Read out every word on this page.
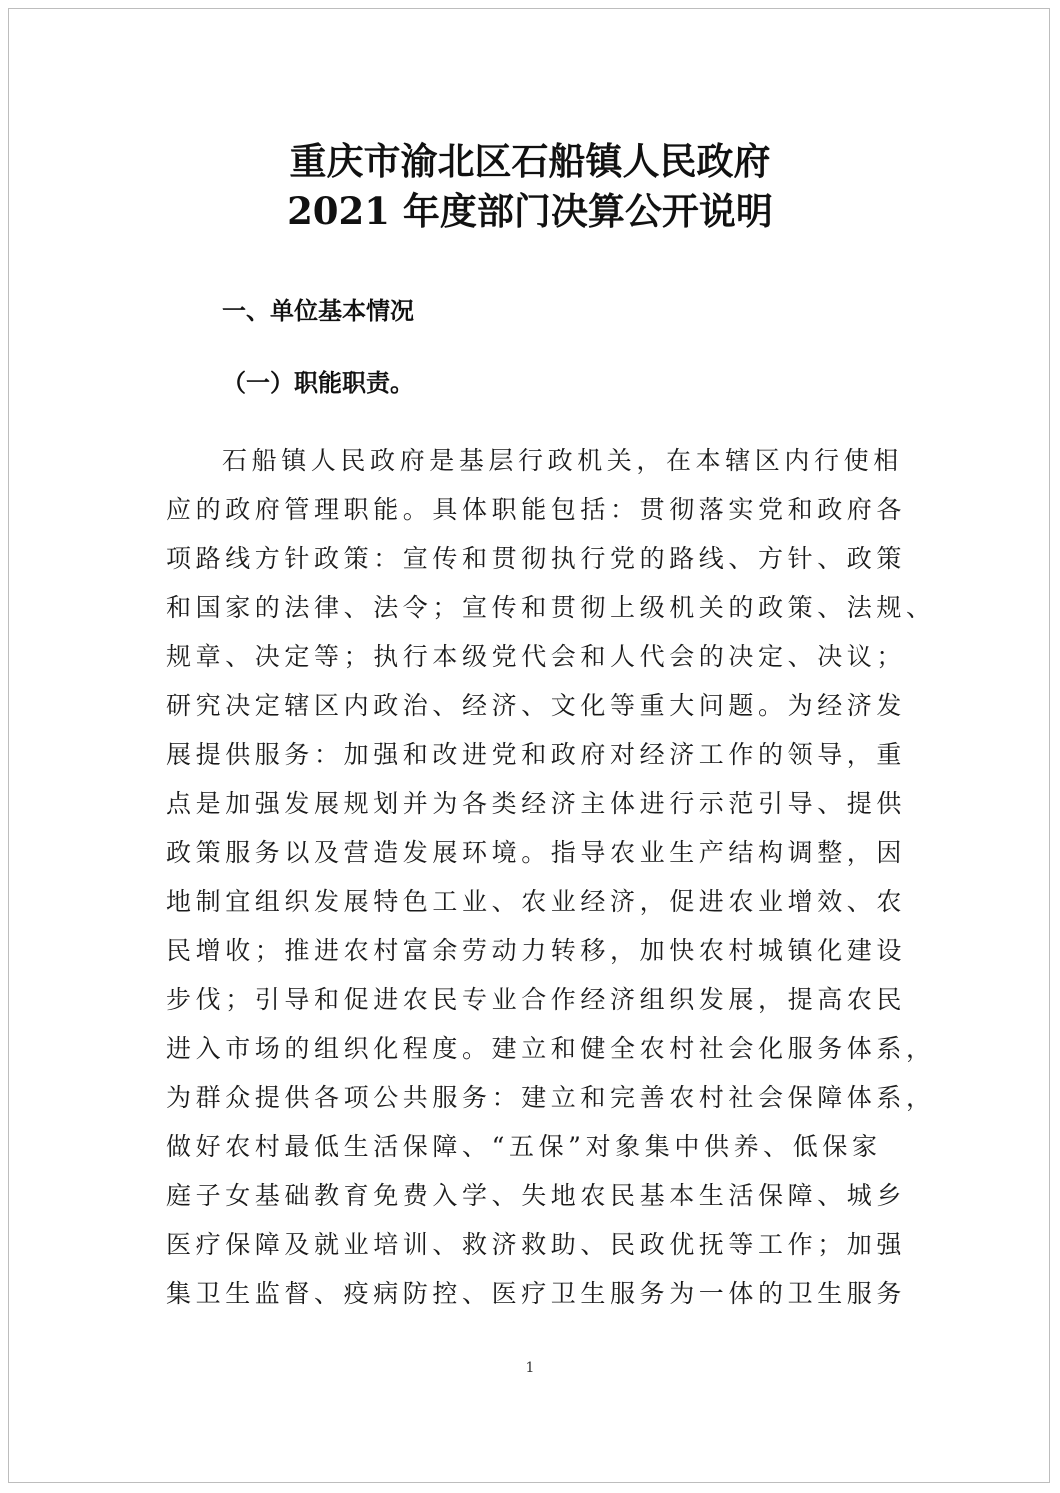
重庆市渝北区石船镇人民政府
2021 年度部门决算公开说明
一、单位基本情况
（一）职能职责。
石船镇人民政府是基层行政机关，在本辖区内行使相
应的政府管理职能。具体职能包括：贯彻落实党和政府各
项路线方针政策：宣传和贯彻执行党的路线、方针、政策
和国家的法律、法令；宣传和贯彻上级机关的政策、法规、
规章、决定等；执行本级党代会和人代会的决定、决议；
研究决定辖区内政治、经济、文化等重大问题。为经济发
展提供服务：加强和改进党和政府对经济工作的领导，重
点是加强发展规划并为各类经济主体进行示范引导、提供
政策服务以及营造发展环境。指导农业生产结构调整，因
地制宜组织发展特色工业、农业经济，促进农业增效、农
民增收；推进农村富余劳动力转移，加快农村城镇化建设
步伐；引导和促进农民专业合作经济组织发展，提高农民
进入市场的组织化程度。建立和健全农村社会化服务体系，
为群众提供各项公共服务：建立和完善农村社会保障体系，
做好农村最低生活保障、“五保”对象集中供养、低保家
庭子女基础教育免费入学、失地农民基本生活保障、城乡
医疗保障及就业培训、救济救助、民政优抚等工作；加强
集卫生监督、疫病防控、医疗卫生服务为一体的卫生服务
1
